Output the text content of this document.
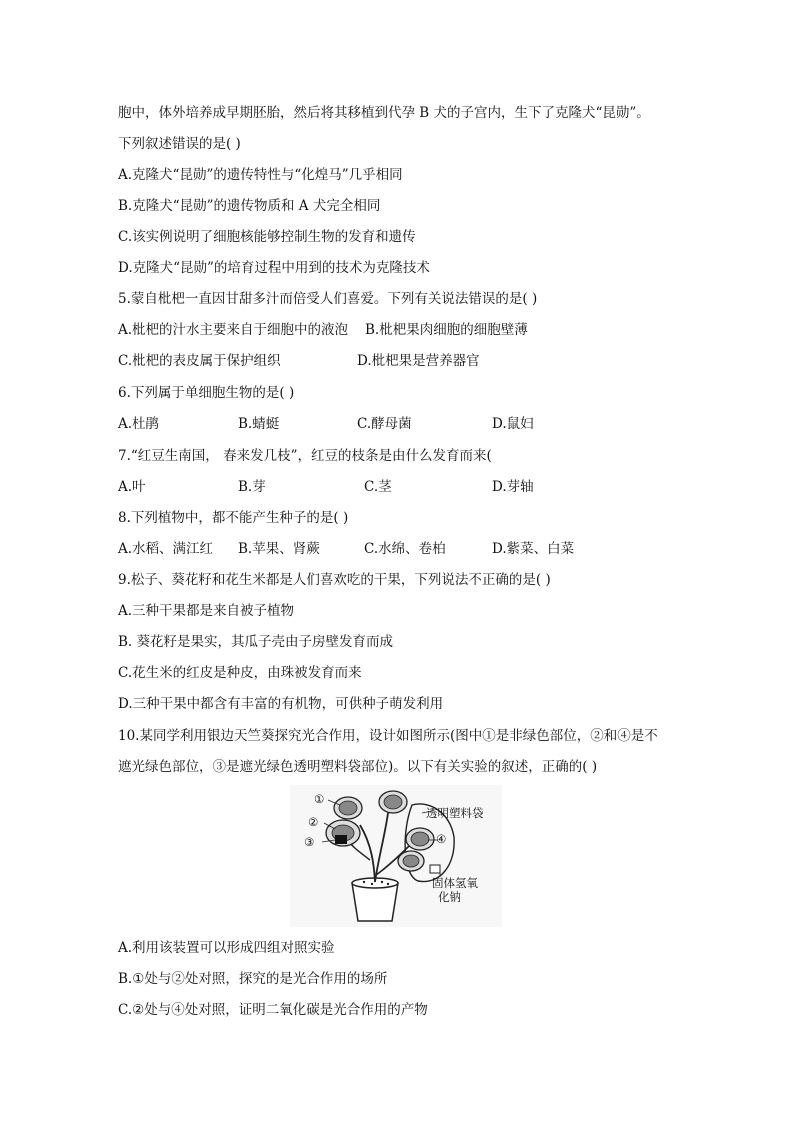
胞中，体外培养成早期胚胎，然后将其移植到代孕 B 犬的子宫内，生下了克隆犬“昆勋”。
下列叙述错误的是( )
A.克隆犬“昆勋”的遗传特性与“化煌马”几乎相同
B.克隆犬“昆勋”的遗传物质和 A 犬完全相同
C.该实例说明了细胞核能够控制生物的发育和遗传
D.克隆犬“昆勋”的培育过程中用到的技术为克隆技术
5.蒙自枇杷一直因甘甜多汁而倍受人们喜爱。下列有关说法错误的是( )
A.枇杷的汁水主要来自于细胞中的液泡 B.枇杷果肉细胞的细胞壁薄
C.枇杷的表皮属于保护组织	D.枇杷果是营养器官
6.下列属于单细胞生物的是( )
A.杜鹃	B.蜻蜓	C.酵母菌	D.鼠妇
7.“红豆生南国， 春来发几枝”，红豆的枝条是由什么发育而来(
A.叶	B.芽	C.茎	D.芽轴
8.下列植物中，都不能产生种子的是( )
A.水稻、满江红 B.苹果、肾蕨	C.水绵、卷柏	D.紫菜、白菜
9.松子、葵花籽和花生米都是人们喜欢吃的干果，下列说法不正确的是( )
A.三种干果都是来自被子植物
B. 葵花籽是果实，其瓜子壳由子房壁发育而成
C.花生米的红皮是种皮，由珠被发育而来
D.三种干果中都含有丰富的有机物，可供种子萌发利用
10.某同学利用银边天竺葵探究光合作用，设计如图所示(图中①是非绿色部位，②和④是不
遮光绿色部位，③是遮光绿色透明塑料袋部位)。以下有关实验的叙述，正确的( )
①
②
③	④
透明塑料袋
固体氢氧
化钠
A.利用该装置可以形成四组对照实验
B.①处与②处对照，探究的是光合作用的场所
C.②处与④处对照，证明二氧化碳是光合作用的产物
